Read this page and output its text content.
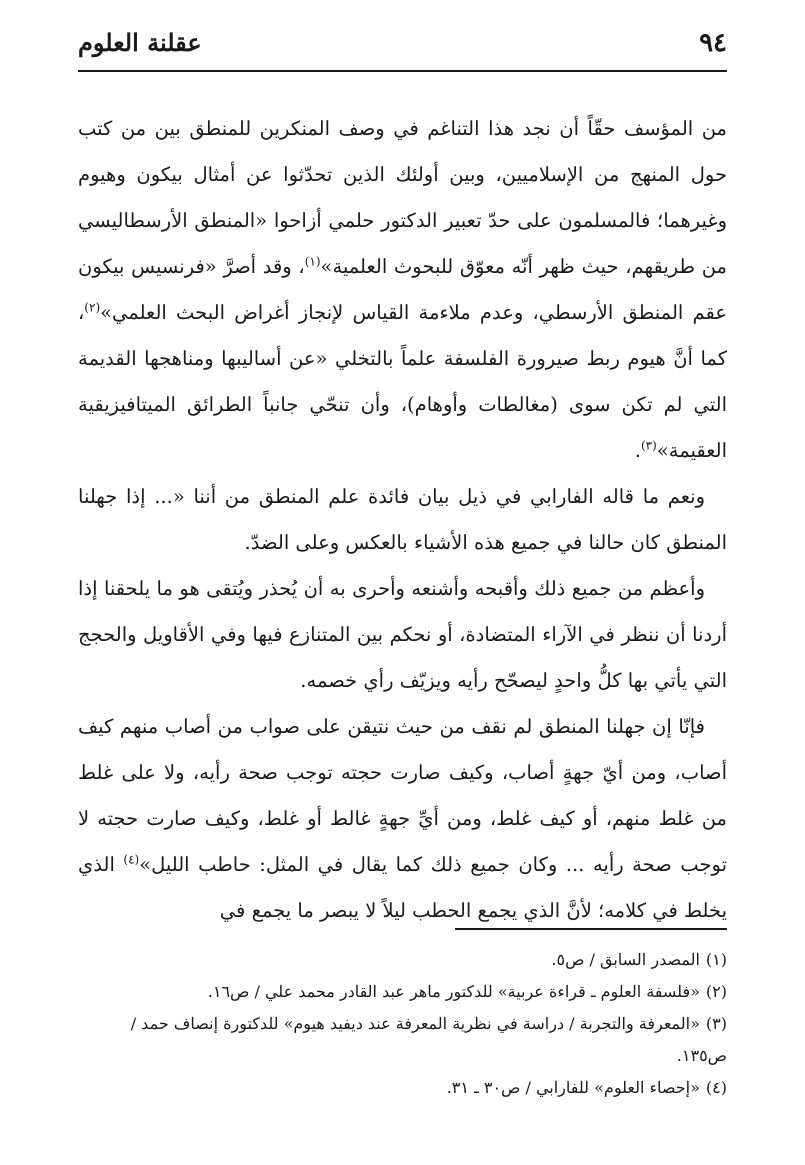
٩٤
عقلنة العلوم

من المؤسف حقّاً أن نجد هذا التناغم في وصف المنكرين للمنطق بين من كتب حول المنهج من الإسلاميين، وبين أولئك الذين تحدّثوا عن أمثال بيكون وهيوم وغيرهما؛ فالمسلمون على حدّ تعبير الدكتور حلمي أزاحوا «المنطق الأرسطاليسي من طريقهم، حيث ظهر أنّه معوّق للبحوث العلمية»$^{(١)}$، وقد أصرَّ «فرنسيس بيكون عقم المنطق الأرسطي، وعدم ملاءمة القياس لإنجاز أغراض البحث العلمي»$^{(٢)}$، كما أنَّ هيوم ربط صيرورة الفلسفة علماً بالتخلي «عن أساليبها ومناهجها القديمة التي لم تكن سوى (مغالطات وأوهام)، وأن تنحّي جانباً الطرائق الميتافيزيقية العقيمة»$^{(٣)}$.

ونعم ما قاله الفارابي في ذيل بيان فائدة علم المنطق من أننا «... إذا جهلنا المنطق كان حالنا في جميع هذه الأشياء بالعكس وعلى الضدّ.

وأعظم من جميع ذلك وأقبحه وأشنعه وأحرى به أن يُحذر ويُتقى هو ما يلحقنا إذا أردنا أن ننظر في الآراء المتضادة، أو نحكم بين المتنازع فيها وفي الأقاويل والحجج التي يأتي بها كلُّ واحدٍ ليصحّح رأيه ويزيّف رأي خصمه.

فإنّا إن جهلنا المنطق لم نقف من حيث نتيقن على صواب من أصاب منهم كيف أصاب، ومن أيّ جهةٍ أصاب، وكيف صارت حجته توجب صحة رأيه، ولا على غلط من غلط منهم، أو كيف غلط، ومن أيِّ جهةٍ غالط أو غلط، وكيف صارت حجته لا توجب صحة رأيه ... وكان جميع ذلك كما يقال في المثل: حاطب الليل»$^{(٤)}$ الذي يخلط في كلامه؛ لأنَّ الذي يجمع الحطب ليلاً لا يبصر ما يجمع في

(١)المصدر السابق / ص٥.

(٢)«فلسفة العلوم ـ قراءة عربية» للدكتور ماهر عبد القادر محمد علي / ص١٦.

(٣)«المعرفة والتجربة / دراسة في نظرية المعرفة عند ديفيد هيوم» للدكتورة إنصاف حمد / ص١٣٥.

(٤)«إحصاء العلوم» للفارابي / ص٣٠ ـ ٣١.
